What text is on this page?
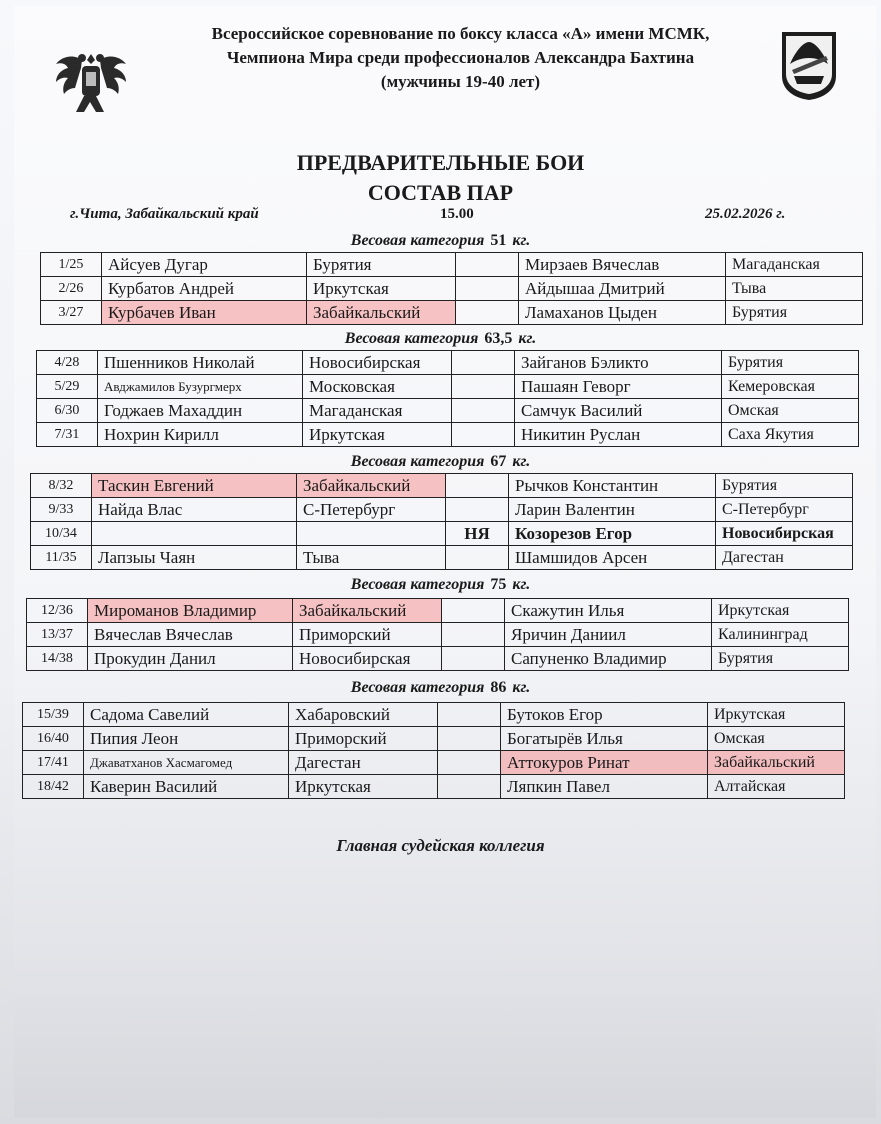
Всероссийское соревнование по боксу класса «А» имени МСМК,
Чемпиона Мира среди профессионалов Александра Бахтина
(мужчины 19-40 лет)
ПРЕДВАРИТЕЛЬНЫЕ БОИ
СОСТАВ ПАР
г.Чита, Забайкальский край	15.00	25.02.2026 г.
Весовая категория 51 кг.
Весовая категория 63,5 кг.
Весовая категория 67 кг.
Весовая категория 75 кг.
Весовая категория 86 кг.
1/25	Айсуев Дугар	Бурятия		Мирзаев Вячеслав	Магаданская
2/26	Курбатов Андрей	Иркутская		Айдышаа Дмитрий	Тыва
3/27	Курбачев Иван	Забайкальский		Ламаханов Цыден	Бурятия
4/28	Пшенников Николай	Новосибирская		Зайганов Бэликто	Бурятия
5/29	Авджамилов Бузургмерх	Московская		Пашаян Геворг	Кемеровская
6/30	Годжаев Махаддин	Магаданская		Самчук Василий	Омская
7/31	Нохрин Кирилл	Иркутская		Никитин Руслан	Саха Якутия
8/32	Таскин Евгений	Забайкальский		Рычков Константин	Бурятия
9/33	Найда Влас	С-Петербург		Ларин Валентин	С-Петербург
10/34			НЯ	Козорезов Егор	Новосибирская
11/35	Лапзыы Чаян	Тыва		Шамшидов Арсен	Дагестан
12/36	Мироманов Владимир	Забайкальский		Скажутин Илья	Иркутская
13/37	Вячеслав Вячеслав	Приморский		Яричин Даниил	Калининград
14/38	Прокудин Данил	Новосибирская		Сапуненко Владимир	Бурятия
15/39	Садома Савелий	Хабаровский		Бутоков Егор	Иркутская
16/40	Пипия Леон	Приморский		Богатырёв Илья	Омская
17/41	Джаватханов Хасмагомед	Дагестан		Аттокуров Ринат	Забайкальский
18/42	Каверин Василий	Иркутская		Ляпкин Павел	Алтайская
Главная судейская коллегия
